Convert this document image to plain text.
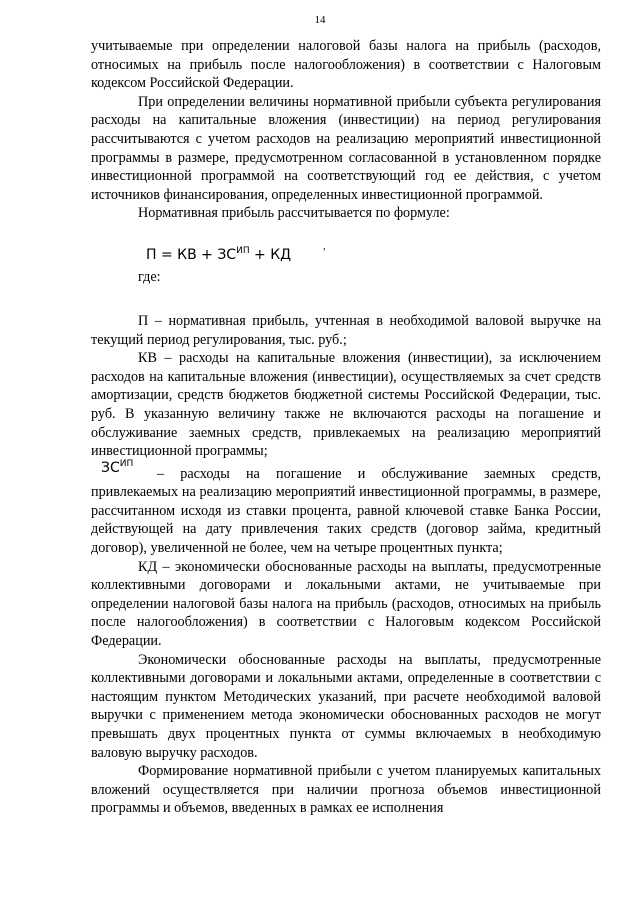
14

учитываемые при определении налоговой базы налога на прибыль (расходов, относимых на прибыль после налогообложения) в соответствии с Налоговым кодексом Российской Федерации.

При определении величины нормативной прибыли субъекта регулирования расходы на капитальные вложения (инвестиции) на период регулирования рассчитываются с учетом расходов на реализацию мероприятий инвестиционной программы в размере, предусмотренном согласованной в установленном порядке инвестиционной программой на соответствующий год ее действия, с учетом источников финансирования, определенных инвестиционной программой.

Нормативная прибыль рассчитывается по формуле:

П = КВ + $ЗС^{ИП}$ + КД
,
где:

П – нормативная прибыль, учтенная в необходимой валовой выручке на текущий период регулирования, тыс. руб.;

КВ – расходы на капитальные вложения (инвестиции), за исключением расходов на капитальные вложения (инвестиции), осуществляемых за счет средств амортизации, средств бюджетов бюджетной системы Российской Федерации, тыс. руб. В указанную величину также не включаются расходы на погашение и обслуживание заемных средств, привлекаемых на реализацию мероприятий инвестиционной программы;

$ЗС^{ИП}-$ расходы на погашение и обслуживание заемных средств, привлекаемых на реализацию мероприятий инвестиционной программы, в размере, рассчитанном исходя из ставки процента, равной ключевой ставке Банка России, действующей на дату привлечения таких средств (договор займа, кредитный договор), увеличенной не более, чем на четыре процентных пункта;

КД – экономически обоснованные расходы на выплаты, предусмотренные коллективными договорами и локальными актами, не учитываемые при определении налоговой базы налога на прибыль (расходов, относимых на прибыль после налогообложения) в соответствии с Налоговым кодексом Российской Федерации.

Экономически обоснованные расходы на выплаты, предусмотренные коллективными договорами и локальными актами, определенные в соответствии с настоящим пунктом Методических указаний, при расчете необходимой валовой выручки с применением метода экономически обоснованных расходов не могут превышать двух процентных пункта от суммы включаемых в необходимую валовую выручку расходов.

Формирование нормативной прибыли с учетом планируемых капитальных вложений осуществляется при наличии прогноза объемов инвестиционной программы и объемов, введенных в рамках ее исполнения
